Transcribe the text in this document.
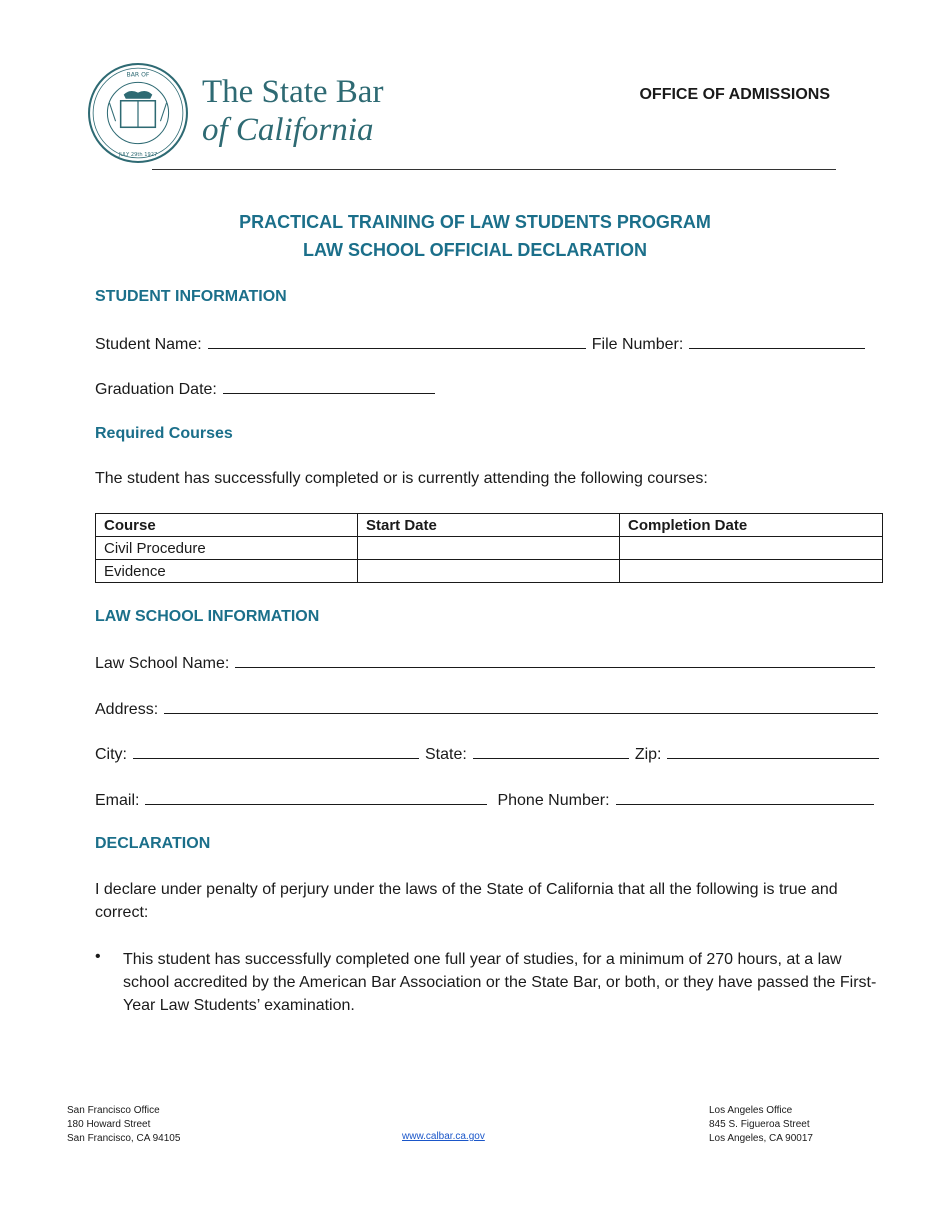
BAR OF
JULY 29th 1927
The State Bar
of California
OFFICE OF ADMISSIONS
PRACTICAL TRAINING OF LAW STUDENTS PROGRAM
LAW SCHOOL OFFICIAL DECLARATION
STUDENT INFORMATION
Student Name:	File Number:
Graduation Date:
Required Courses
The student has successfully completed or is currently attending the following courses:
Course	Start Date	Completion Date
Civil Procedure		
Evidence		
LAW SCHOOL INFORMATION
Law School Name:
Address:
City:	State:	Zip:
Email:	Phone Number:
DECLARATION
I declare under penalty of perjury under the laws of the State of California that all the following is true and correct:
•	This student has successfully completed one full year of studies, for a minimum of 270 hours, at a law school accredited by the American Bar Association or the State Bar, or both, or they have passed the First-Year Law Students’ examination.
San Francisco Office
180 Howard Street
San Francisco, CA 94105	www.calbar.ca.gov
Los Angeles Office
845 S. Figueroa Street
Los Angeles, CA 90017
